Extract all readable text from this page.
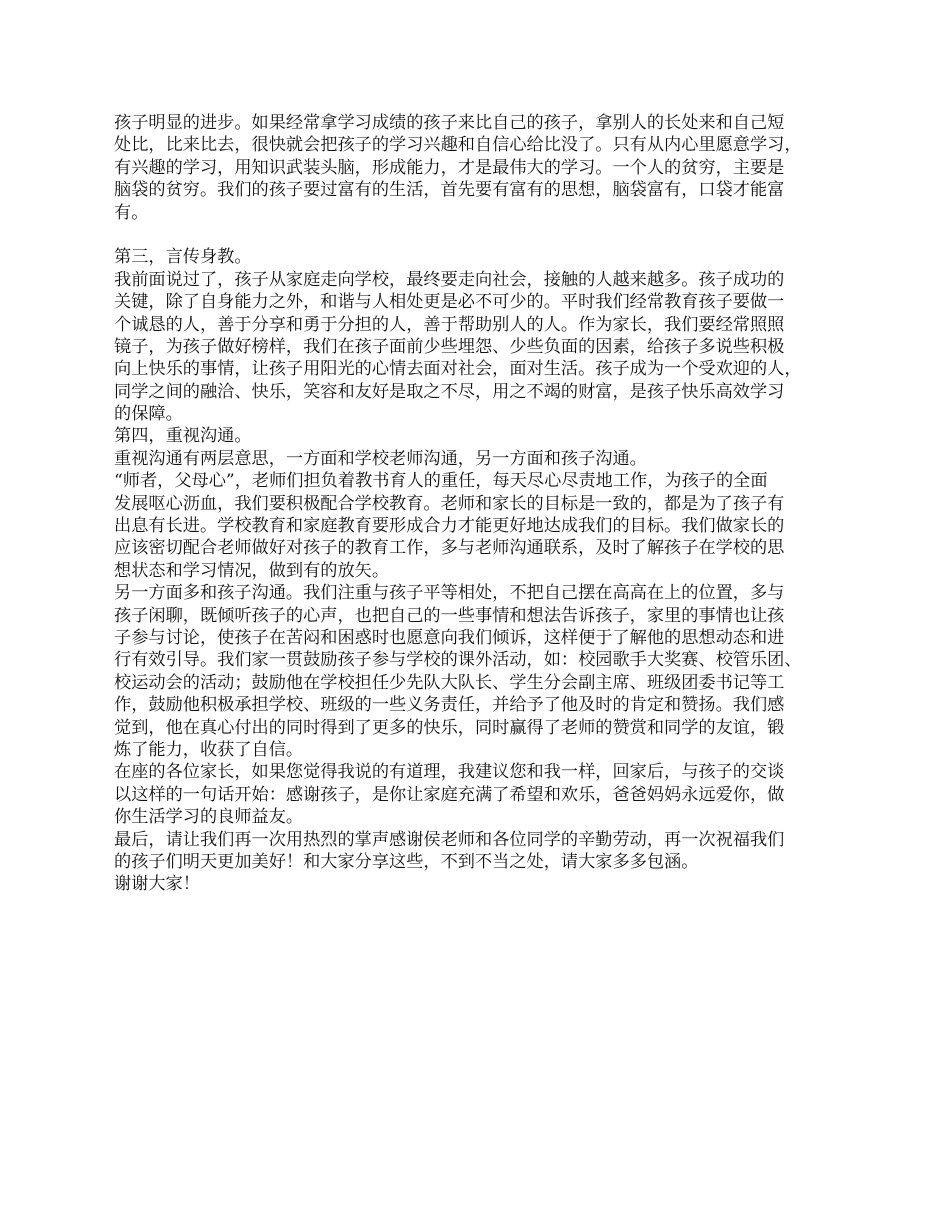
孩子明显的进步。如果经常拿学习成绩的孩子来比自己的孩子，拿别人的长处来和自己短
处比，比来比去，很快就会把孩子的学习兴趣和自信心给比没了。只有从内心里愿意学习，
有兴趣的学习，用知识武装头脑，形成能力，才是最伟大的学习。一个人的贫穷，主要是
脑袋的贫穷。我们的孩子要过富有的生活，首先要有富有的思想，脑袋富有，口袋才能富
有。
第三，言传身教。
我前面说过了，孩子从家庭走向学校，最终要走向社会，接触的人越来越多。孩子成功的
关键，除了自身能力之外，和谐与人相处更是必不可少的。平时我们经常教育孩子要做一
个诚恳的人，善于分享和勇于分担的人，善于帮助别人的人。作为家长，我们要经常照照
镜子，为孩子做好榜样，我们在孩子面前少些埋怨、少些负面的因素，给孩子多说些积极
向上快乐的事情，让孩子用阳光的心情去面对社会，面对生活。孩子成为一个受欢迎的人，
同学之间的融洽、快乐，笑容和友好是取之不尽，用之不竭的财富，是孩子快乐高效学习
的保障。
第四，重视沟通。
重视沟通有两层意思，一方面和学校老师沟通，另一方面和孩子沟通。
“师者，父母心”，老师们担负着教书育人的重任，每天尽心尽责地工作，为孩子的全面
发展呕心沥血，我们要积极配合学校教育。老师和家长的目标是一致的，都是为了孩子有
出息有长进。学校教育和家庭教育要形成合力才能更好地达成我们的目标。我们做家长的
应该密切配合老师做好对孩子的教育工作，多与老师沟通联系，及时了解孩子在学校的思
想状态和学习情况，做到有的放矢。
另一方面多和孩子沟通。我们注重与孩子平等相处，不把自己摆在高高在上的位置，多与
孩子闲聊，既倾听孩子的心声，也把自己的一些事情和想法告诉孩子，家里的事情也让孩
子参与讨论，使孩子在苦闷和困惑时也愿意向我们倾诉，这样便于了解他的思想动态和进
行有效引导。我们家一贯鼓励孩子参与学校的课外活动，如：校园歌手大奖赛、校管乐团、
校运动会的活动；鼓励他在学校担任少先队大队长、学生分会副主席、班级团委书记等工
作，鼓励他积极承担学校、班级的一些义务责任，并给予了他及时的肯定和赞扬。我们感
觉到，他在真心付出的同时得到了更多的快乐，同时赢得了老师的赞赏和同学的友谊，锻
炼了能力，收获了自信。
在座的各位家长，如果您觉得我说的有道理，我建议您和我一样，回家后，与孩子的交谈
以这样的一句话开始：感谢孩子，是你让家庭充满了希望和欢乐，爸爸妈妈永远爱你，做
你生活学习的良师益友。
最后，请让我们再一次用热烈的掌声感谢侯老师和各位同学的辛勤劳动，再一次祝福我们
的孩子们明天更加美好！和大家分享这些，不到不当之处，请大家多多包涵。
谢谢大家！
